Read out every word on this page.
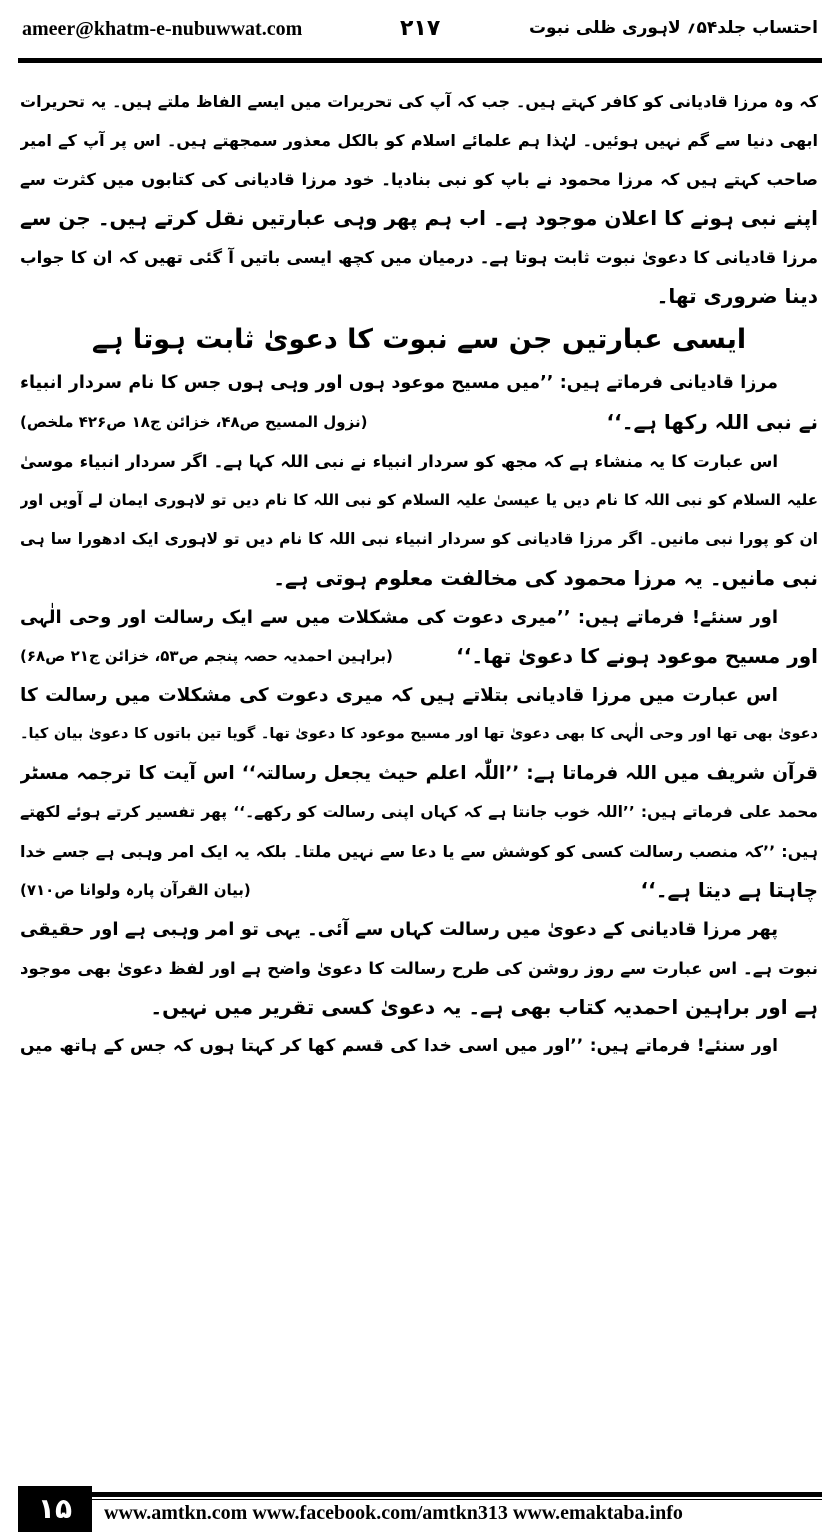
ameer@khatm-e-nubuwwat.com	۲۱۷	احتساب جلد۵۴؍ لاہوری ظلی نبوت
کہ وہ مرزا قادیانی کو کافر کہتے ہیں۔ جب کہ آپ کی تحریرات میں ایسے الفاظ ملتے ہیں۔ یہ تحریرات
ابھی دنیا سے گم نہیں ہوئیں۔ لہٰذا ہم علمائے اسلام کو بالکل معذور سمجھتے ہیں۔ اس پر آپ کے امیر
صاحب کہتے ہیں کہ مرزا محمود نے باپ کو نبی بنادیا۔ خود مرزا قادیانی کی کتابوں میں کثرت سے
اپنے نبی ہونے کا اعلان موجود ہے۔ اب ہم پھر وہی عبارتیں نقل کرتے ہیں۔ جن سے
مرزا قادیانی کا دعویٰ نبوت ثابت ہوتا ہے۔ درمیان میں کچھ ایسی باتیں آ گئی تھیں کہ ان کا جواب
دینا ضروری تھا۔
ایسی عبارتیں جن سے نبوت کا دعویٰ ثابت ہوتا ہے
مرزا قادیانی فرماتے ہیں: ’’میں مسیح موعود ہوں اور وہی ہوں جس کا نام سردار انبیاء
نے نبی اللہ رکھا ہے۔‘‘
(نزول المسیح ص۴۸، خزائن ج۱۸ ص۴۲۶ ملخص)
اس عبارت کا یہ منشاء ہے کہ مجھ کو سردار انبیاء نے نبی اللہ کہا ہے۔ اگر سردار انبیاء موسیٰ
علیہ السلام کو نبی اللہ کا نام دیں یا عیسیٰ علیہ السلام کو نبی اللہ کا نام دیں تو لاہوری ایمان لے آویں اور
ان کو پورا نبی مانیں۔ اگر مرزا قادیانی کو سردار انبیاء نبی اللہ کا نام دیں تو لاہوری ایک ادھورا سا ہی
نبی مانیں۔ یہ مرزا محمود کی مخالفت معلوم ہوتی ہے۔
اور سنئے! فرماتے ہیں: ’’میری دعوت کی مشکلات میں سے ایک رسالت اور وحی الٰہی
اور مسیح موعود ہونے کا دعویٰ تھا۔‘‘
(براہین احمدیہ حصہ پنجم ص۵۳، خزائن ج۲۱ ص۶۸)
اس عبارت میں مرزا قادیانی بتلاتے ہیں کہ میری دعوت کی مشکلات میں رسالت کا
دعویٰ بھی تھا اور وحی الٰہی کا بھی دعویٰ تھا اور مسیح موعود کا دعویٰ تھا۔ گویا تین باتوں کا دعویٰ بیان کیا۔
قرآن شریف میں اللہ فرماتا ہے: ’’اللّٰہ اعلم حیث یجعل رسالتہ‘‘ اس آیت کا ترجمہ مسٹر
محمد علی فرماتے ہیں: ’’اللہ خوب جانتا ہے کہ کہاں اپنی رسالت کو رکھے۔‘‘ پھر تفسیر کرتے ہوئے لکھتے
ہیں: ’’کہ منصب رسالت کسی کو کوشش سے یا دعا سے نہیں ملتا۔ بلکہ یہ ایک امر وہبی ہے جسے خدا
چاہتا ہے دیتا ہے۔‘‘
(بیان القرآن پارہ ولوانا ص۷۱۰)
پھر مرزا قادیانی کے دعویٰ میں رسالت کہاں سے آئی۔ یہی تو امر وہبی ہے اور حقیقی
نبوت ہے۔ اس عبارت سے روز روشن کی طرح رسالت کا دعویٰ واضح ہے اور لفظ دعویٰ بھی موجود
ہے اور براہین احمدیہ کتاب بھی ہے۔ یہ دعویٰ کسی تقریر میں نہیں۔
اور سنئے! فرماتے ہیں: ’’اور میں اسی خدا کی قسم کھا کر کہتا ہوں کہ جس کے ہاتھ میں
۱۵	www.amtkn.com www.facebook.com/amtkn313 www.emaktaba.info
